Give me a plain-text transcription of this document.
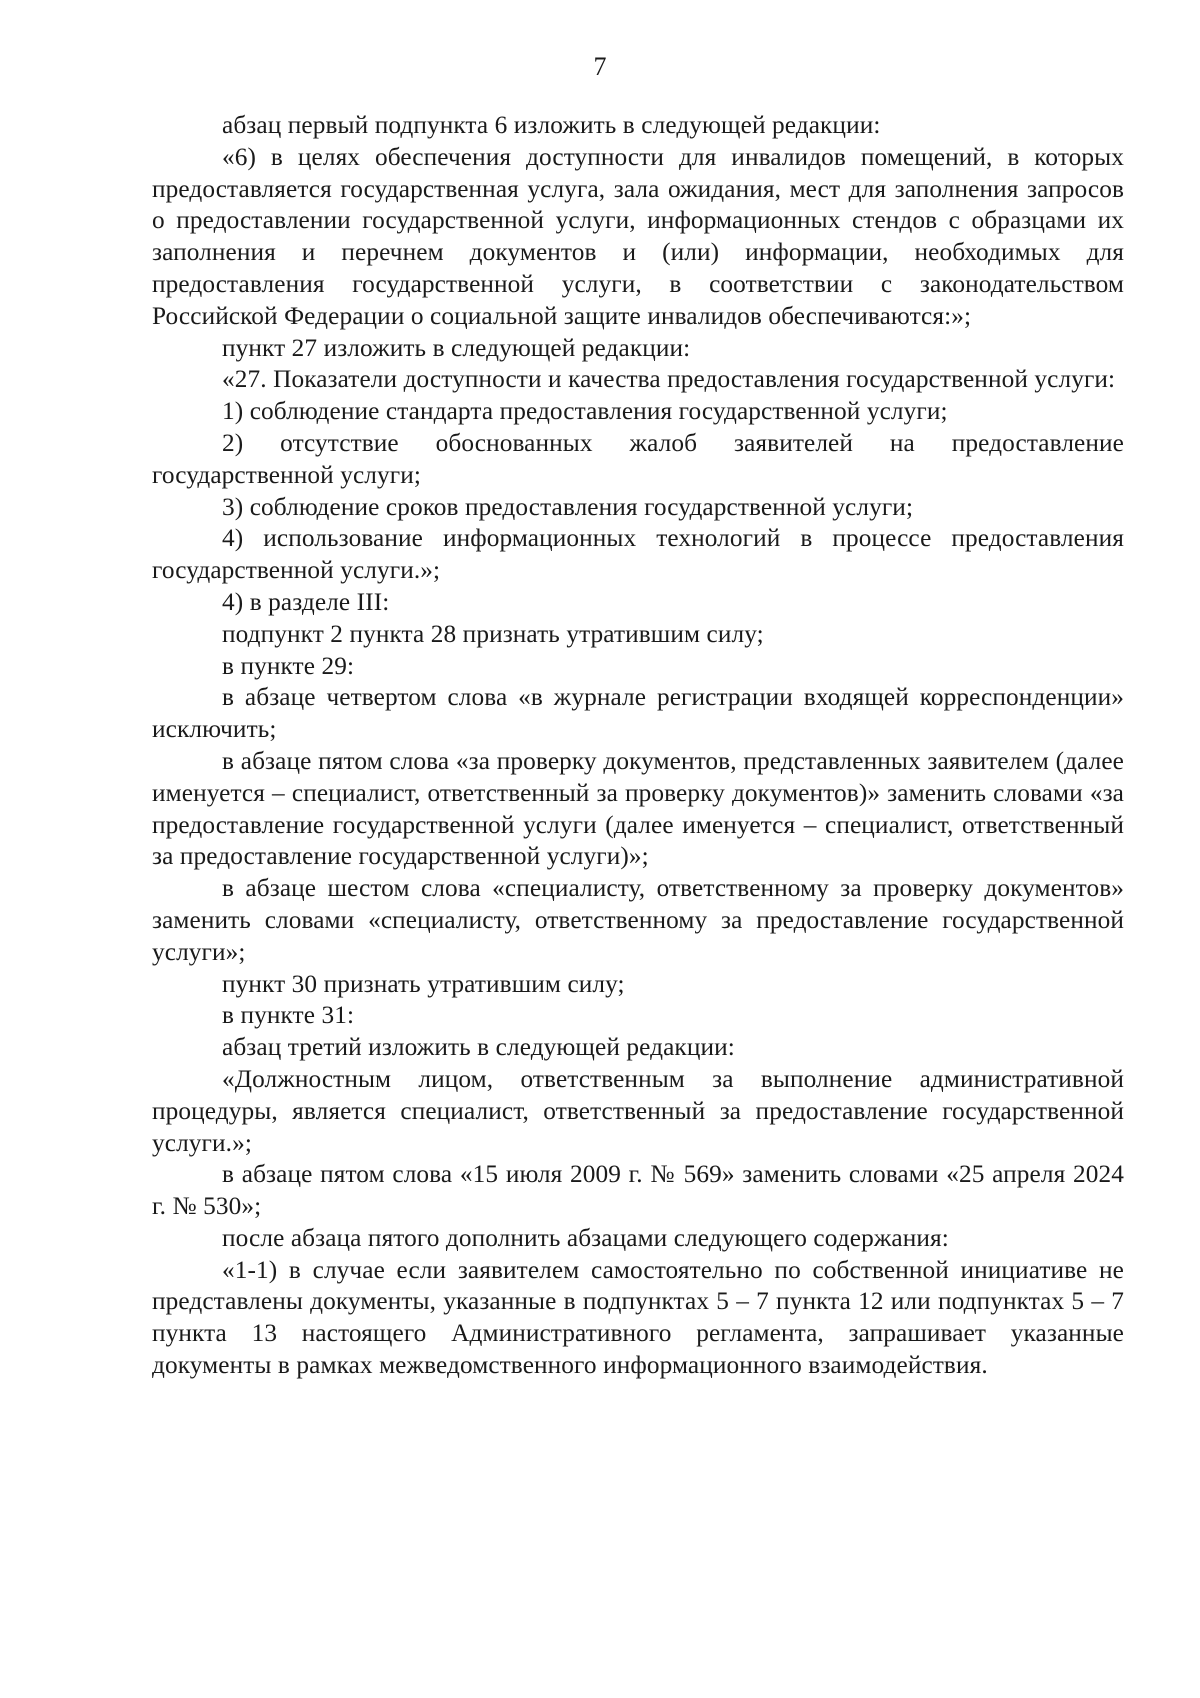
7

абзац первый подпункта 6 изложить в следующей редакции:

«6) в целях обеспечения доступности для инвалидов помещений, в которых предоставляется государственная услуга, зала ожидания, мест для заполнения запросов о предоставлении государственной услуги, информационных стендов с образцами их заполнения и перечнем документов и (или) информации, необходимых для предоставления государственной услуги, в соответствии с законодательством Российской Федерации о социальной защите инвалидов обеспечиваются:»;

пункт 27 изложить в следующей редакции:

«27. Показатели доступности и качества предоставления государственной услуги:

1) соблюдение стандарта предоставления государственной услуги;

2) отсутствие обоснованных жалоб заявителей на предоставление государственной услуги;

3) соблюдение сроков предоставления государственной услуги;

4) использование информационных технологий в процессе предоставления государственной услуги.»;

4) в разделе III:

подпункт 2 пункта 28 признать утратившим силу;

в пункте 29:

в абзаце четвертом слова «в журнале регистрации входящей корреспонденции» исключить;

в абзаце пятом слова «за проверку документов, представленных заявителем (далее именуется – специалист, ответственный за проверку документов)» заменить словами «за предоставление государственной услуги (далее именуется – специалист, ответственный за предоставление государственной услуги)»;

в абзаце шестом слова «специалисту, ответственному за проверку документов» заменить словами «специалисту, ответственному за предоставление государственной услуги»;

пункт 30 признать утратившим силу;

в пункте 31:

абзац третий изложить в следующей редакции:

«Должностным лицом, ответственным за выполнение административной процедуры, является специалист, ответственный за предоставление государственной услуги.»;

в абзаце пятом слова «15 июля 2009 г. № 569» заменить словами «25 апреля 2024 г. № 530»;

после абзаца пятого дополнить абзацами следующего содержания:

«1-1) в случае если заявителем самостоятельно по собственной инициативе не представлены документы, указанные в подпунктах 5 – 7 пункта 12 или подпунктах 5 – 7 пункта 13 настоящего Административного регламента, запрашивает указанные документы в рамках межведомственного информационного взаимодействия.
